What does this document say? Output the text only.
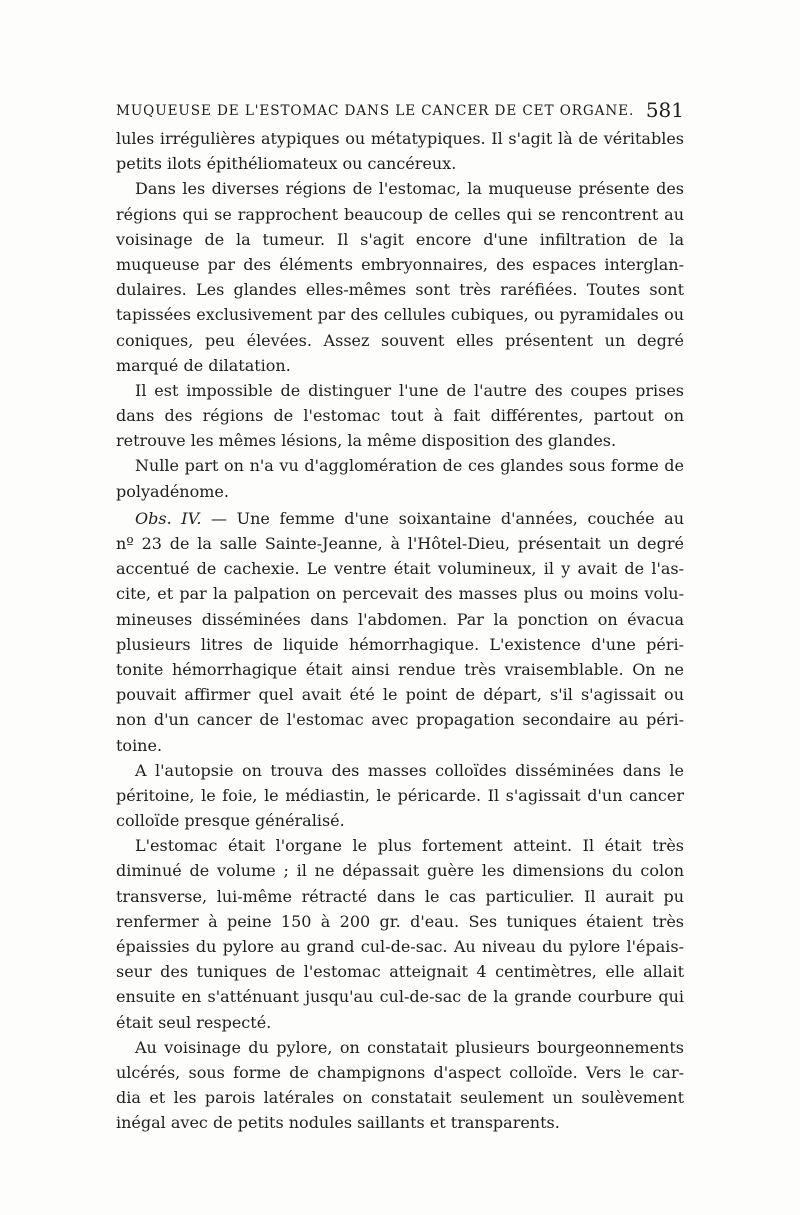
MUQUEUSE DE L'ESTOMAC DANS LE CANCER DE CET ORGANE. 581
lules irrégulières atypiques ou métatypiques. Il s'agit là de véritables
petits ilots épithéliomateux ou cancéreux.
Dans les diverses régions de l'estomac, la muqueuse présente des
régions qui se rapprochent beaucoup de celles qui se rencontrent au
voisinage de la tumeur. Il s'agit encore d'une infiltration de la
muqueuse par des éléments embryonnaires, des espaces interglan-
dulaires. Les glandes elles-mêmes sont très raréfiées. Toutes sont
tapissées exclusivement par des cellules cubiques, ou pyramidales ou
coniques, peu élevées. Assez souvent elles présentent un degré
marqué de dilatation.
Il est impossible de distinguer l'une de l'autre des coupes prises
dans des régions de l'estomac tout à fait différentes, partout on
retrouve les mêmes lésions, la même disposition des glandes.
Nulle part on n'a vu d'agglomération de ces glandes sous forme de
polyadénome.
Obs. IV. — Une femme d'une soixantaine d'années, couchée au
nº 23 de la salle Sainte-Jeanne, à l'Hôtel-Dieu, présentait un degré
accentué de cachexie. Le ventre était volumineux, il y avait de l'as-
cite, et par la palpation on percevait des masses plus ou moins volu-
mineuses disséminées dans l'abdomen. Par la ponction on évacua
plusieurs litres de liquide hémorrhagique. L'existence d'une péri-
tonite hémorrhagique était ainsi rendue très vraisemblable. On ne
pouvait affirmer quel avait été le point de départ, s'il s'agissait ou
non d'un cancer de l'estomac avec propagation secondaire au péri-
toine.
A l'autopsie on trouva des masses colloïdes disséminées dans le
péritoine, le foie, le médiastin, le péricarde. Il s'agissait d'un cancer
colloïde presque généralisé.
L'estomac était l'organe le plus fortement atteint. Il était très
diminué de volume ; il ne dépassait guère les dimensions du colon
transverse, lui-même rétracté dans le cas particulier. Il aurait pu
renfermer à peine 150 à 200 gr. d'eau. Ses tuniques étaient très
épaissies du pylore au grand cul-de-sac. Au niveau du pylore l'épais-
seur des tuniques de l'estomac atteignait 4 centimètres, elle allait
ensuite en s'atténuant jusqu'au cul-de-sac de la grande courbure qui
était seul respecté.
Au voisinage du pylore, on constatait plusieurs bourgeonnements
ulcérés, sous forme de champignons d'aspect colloïde. Vers le car-
dia et les parois latérales on constatait seulement un soulèvement
inégal avec de petits nodules saillants et transparents.
